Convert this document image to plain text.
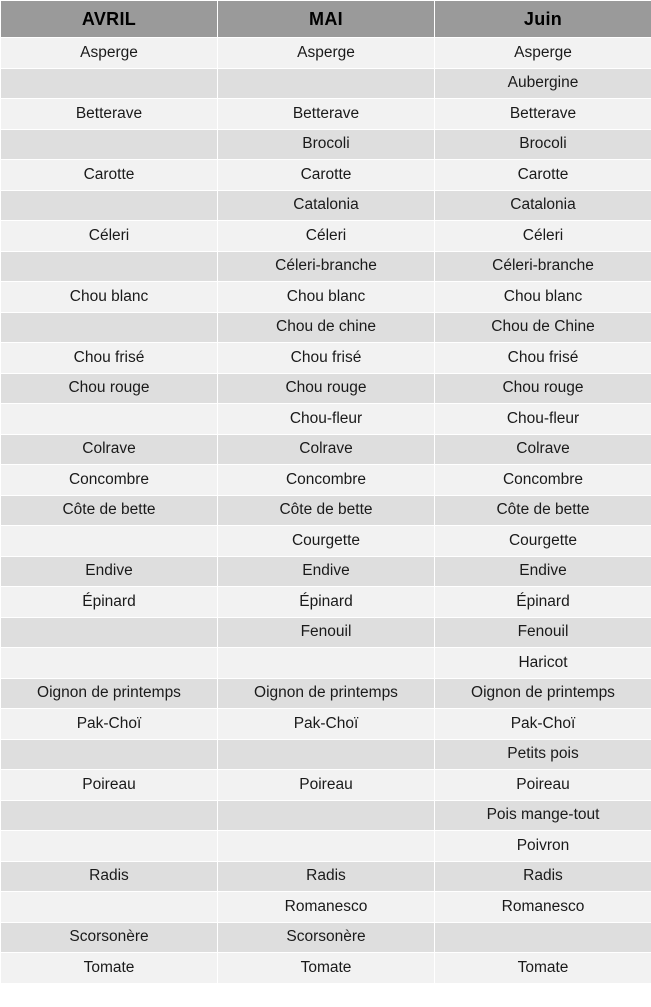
AVRIL	MAI	Juin
Asperge	Asperge	Asperge
		Aubergine
Betterave	Betterave	Betterave
	Brocoli	Brocoli
Carotte	Carotte	Carotte
	Catalonia	Catalonia
Céleri	Céleri	Céleri
	Céleri-branche	Céleri-branche
Chou blanc	Chou blanc	Chou blanc
	Chou de chine	Chou de Chine
Chou frisé	Chou frisé	Chou frisé
Chou rouge	Chou rouge	Chou rouge
	Chou-fleur	Chou-fleur
Colrave	Colrave	Colrave
Concombre	Concombre	Concombre
Côte de bette	Côte de bette	Côte de bette
	Courgette	Courgette
Endive	Endive	Endive
Épinard	Épinard	Épinard
	Fenouil	Fenouil
		Haricot
Oignon de printemps	Oignon de printemps	Oignon de printemps
Pak-Choï	Pak-Choï	Pak-Choï
		Petits pois
Poireau	Poireau	Poireau
		Pois mange-tout
		Poivron
Radis	Radis	Radis
	Romanesco	Romanesco
Scorsonère	Scorsonère	
Tomate	Tomate	Tomate
